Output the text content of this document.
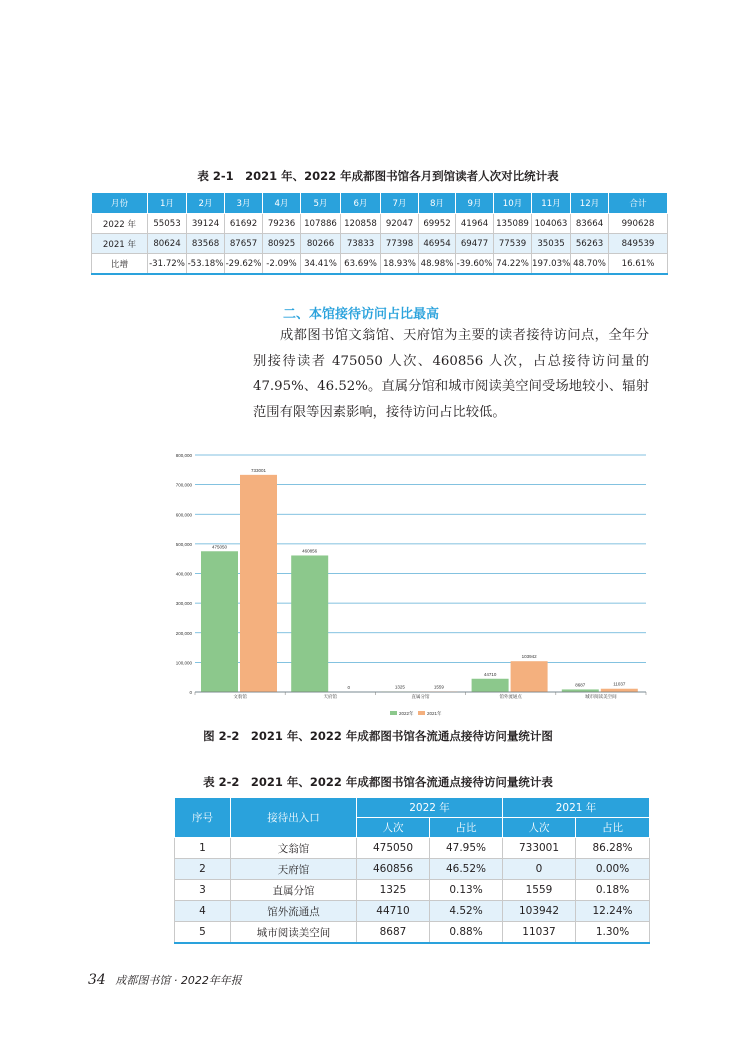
表 2-1　2021 年、2022 年成都图书馆各月到馆读者人次对比统计表
月份	1月	2月	3月	4月	5月	6月	7月	8月	9月	10月	11月	12月	合计
2022 年	55053	39124	61692	79236	107886	120858	92047	69952	41964	135089	104063	83664	990628
2021 年	80624	83568	87657	80925	80266	73833	77398	46954	69477	77539	35035	56263	849539
比增	-31.72%	-53.18%	-29.62%	-2.09%	34.41%	63.69%	18.93%	48.98%	-39.60%	74.22%	197.03%	48.70%	16.61%
二、本馆接待访问占比最高

成都图书馆文翁馆、天府馆为主要的读者接待访问点，全年分别接待读者 475050 人次、460856 人次，占总接待访问量的 47.95%、46.52%。直属分馆和城市阅读美空间受场地较小、辐射范围有限等因素影响，接待访问占比较低。

0
100,000
200,000
300,000
400,000
500,000
600,000
700,000
800,000
475050
733001
文翁馆
460856
0
天府馆
1325	1559
直属分馆
44710
103942
馆外流通点
8687	11037
城市阅读美空间
2022年	2021年
图 2-2　2021 年、2022 年成都图书馆各流通点接待访问量统计图
表 2-2　2021 年、2022 年成都图书馆各流通点接待访问量统计表
序号	接待出入口	2022 年		2021 年	
		人次	占比	人次	占比
1	文翁馆	475050	47.95%	733001	86.28%
2	天府馆	460856	46.52%	0	0.00%
3	直属分馆	1325	0.13%	1559	0.18%
4	馆外流通点	44710	4.52%	103942	12.24%
5	城市阅读美空间	8687	0.88%	11037	1.30%
34 成都图书馆 · 2022年年报
